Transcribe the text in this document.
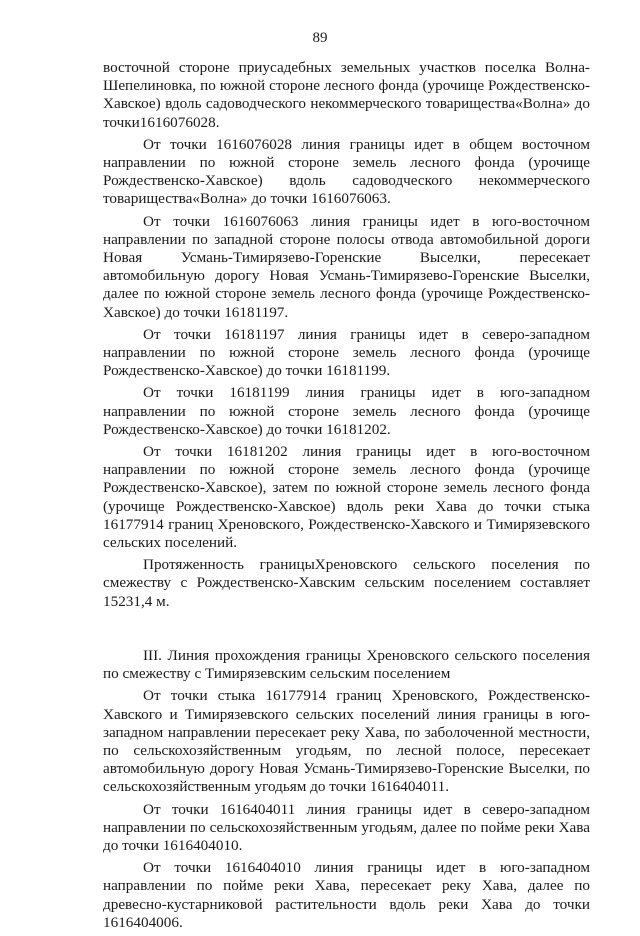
89

восточной стороне приусадебных земельных участков поселка Волна-Шепелиновка, по южной стороне лесного фонда (урочище Рождественско-Хавское) вдоль садоводческого некоммерческого товарищества«Волна» до точки1616076028.

От точки 1616076028 линия границы идет в общем восточном направлении по южной стороне земель лесного фонда (урочище Рождественско-Хавское) вдоль садоводческого некоммерческого товарищества«Волна» до точки 1616076063.

От точки 1616076063 линия границы идет в юго-восточном направлении по западной стороне полосы отвода автомобильной дороги Новая Усмань-Тимирязево-Горенские Выселки, пересекает автомобильную дорогу Новая Усмань-Тимирязево-Горенские Выселки, далее по южной стороне земель лесного фонда (урочище Рождественско-Хавское) до точки 16181197.

От точки 16181197 линия границы идет в северо-западном направлении по южной стороне земель лесного фонда (урочище Рождественско-Хавское) до точки 16181199.

От точки 16181199 линия границы идет в юго-западном направлении по южной стороне земель лесного фонда (урочище Рождественско-Хавское) до точки 16181202.

От точки 16181202 линия границы идет в юго-восточном направлении по южной стороне земель лесного фонда (урочище Рождественско-Хавское), затем по южной стороне земель лесного фонда (урочище Рождественско-Хавское) вдоль реки Хава до точки стыка 16177914 границ Хреновского, Рождественско-Хавского и Тимирязевского сельских поселений.

Протяженность границыХреновского сельского поселения по смежеству с Рождественско-Хавским сельским поселением составляет 15231,4 м.

III. Линия прохождения границы Хреновского сельского поселения по смежеству с Тимирязевским сельским поселением

От точки стыка 16177914 границ Хреновского, Рождественско-Хавского и Тимирязевского сельских поселений линия границы в юго-западном направлении пересекает реку Хава, по заболоченной местности, по сельскохозяйственным угодьям, по лесной полосе, пересекает автомобильную дорогу Новая Усмань-Тимирязево-Горенские Выселки, по сельскохозяйственным угодьям до точки 1616404011.

От точки 1616404011 линия границы идет в северо-западном направлении по сельскохозяйственным угодьям, далее по пойме реки Хава до точки 1616404010.

От точки 1616404010 линия границы идет в юго-западном направлении по пойме реки Хава, пересекает реку Хава, далее по древесно-кустарниковой растительности вдоль реки Хава до точки 1616404006.
